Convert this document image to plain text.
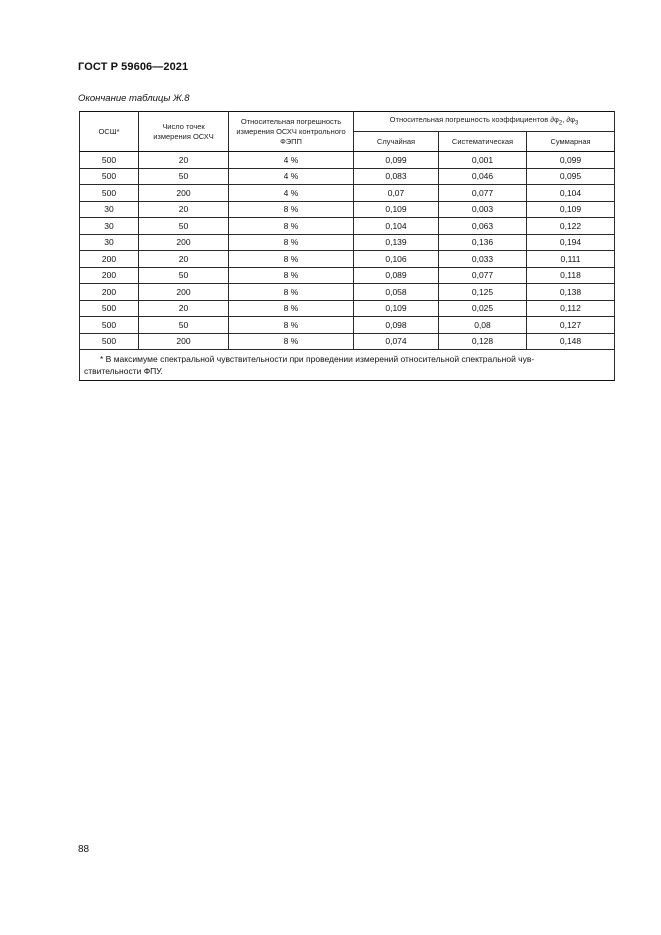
ГОСТ Р 59606—2021
Окончание таблицы Ж.8
ОСШ*	Число точек измерения ОСХЧ	Относительная погрешность измерения ОСХЧ контрольного ФЭПП	Относительная погрешность коэффициентов $\partial\varphi_2$, $\partial\varphi_3$
			Случайная	Систематическая	Суммарная
500	20	4 %	0,099	0,001	0,099
500	50	4 %	0,083	0,046	0,095
500	200	4 %	0,07	0,077	0,104
30	20	8 %	0,109	0,003	0,109
30	50	8 %	0,104	0,063	0,122
30	200	8 %	0,139	0,136	0,194
200	20	8 %	0,106	0,033	0,111
200	50	8 %	0,089	0,077	0,118
200	200	8 %	0,058	0,125	0,138
500	20	8 %	0,109	0,025	0,112
500	50	8 %	0,098	0,08	0,127
500	200	8 %	0,074	0,128	0,148
* В максимуме спектральной чувствительности при проведении измерений относительной спектральной чув-
ствительности ФПУ.					
88
